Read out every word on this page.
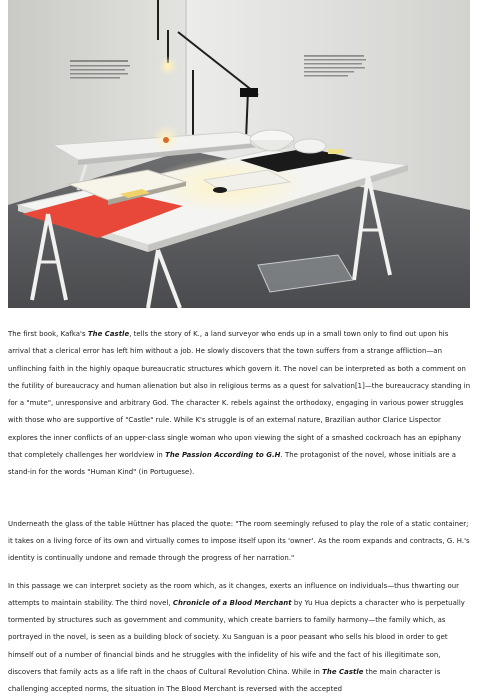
The first book, Kafka's The Castle, tells the story of K., a land surveyor who ends up in a small town only to find out upon his arrival that a clerical error has left him without a job. He slowly discovers that the town suffers from a strange affliction—an unflinching faith in the highly opaque bureaucratic structures which govern it. The novel can be interpreted as both a comment on the futility of bureaucracy and human alienation but also in religious terms as a quest for salvation[1]—the bureaucracy standing in for a "mute", unresponsive and arbitrary God. The character K. rebels against the orthodoxy, engaging in various power struggles with those who are supportive of "Castle" rule. While K's struggle is of an external nature, Brazilian author Clarice Lispector explores the inner conflicts of an upper-class single woman who upon viewing the sight of a smashed cockroach has an epiphany that completely challenges her worldview in The Passion According to G.H. The protagonist of the novel, whose initials are a stand-in for the words "Human Kind" (in Portuguese).

Underneath the glass of the table Hüttner has placed the quote: "The room seemingly refused to play the role of a static container; it takes on a living force of its own and virtually comes to impose itself upon its 'owner'. As the room expands and contracts, G. H.'s identity is continually undone and remade through the progress of her narration."

In this passage we can interpret society as the room which, as it changes, exerts an influence on individuals—thus thwarting our attempts to maintain stability. The third novel, Chronicle of a Blood Merchant by Yu Hua depicts a character who is perpetually tormented by structures such as government and community, which create barriers to family harmony—the family which, as portrayed in the novel, is seen as a building block of society. Xu Sanguan is a poor peasant who sells his blood in order to get himself out of a number of financial binds and he struggles with the infidelity of his wife and the fact of his illegitimate son, discovers that family acts as a life raft in the chaos of Cultural Revolution China. While in The Castle the main character is challenging accepted norms, the situation in The Blood Merchant is reversed with the accepted
